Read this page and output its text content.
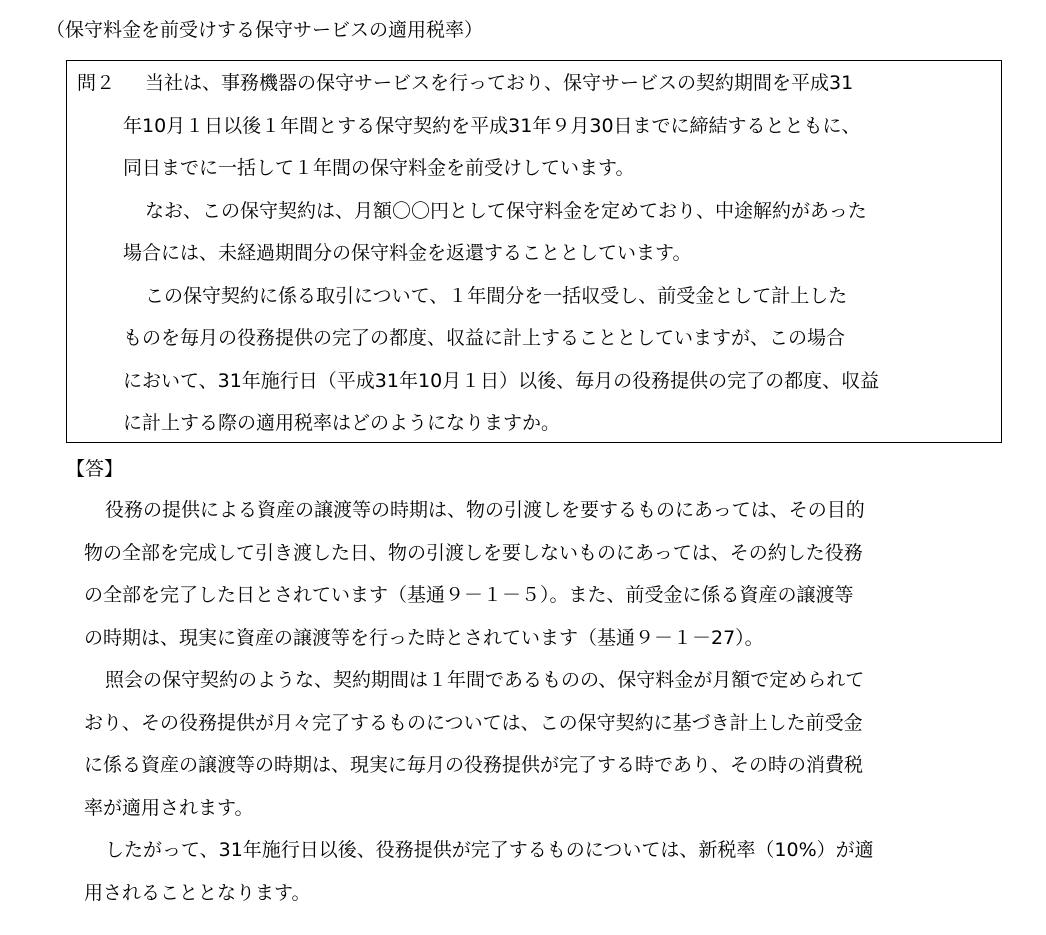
（保守料金を前受けする保守サービスの適用税率）
問２ 当社は、事務機器の保守サービスを行っており、保守サービスの契約期間を平成31
年10月１日以後１年間とする保守契約を平成31年９月30日までに締結するとともに、
同日までに一括して１年間の保守料金を前受けしています。
なお、この保守契約は、月額〇〇円として保守料金を定めており、中途解約があった
場合には、未経過期間分の保守料金を返還することとしています。
この保守契約に係る取引について、１年間分を一括収受し、前受金として計上した
ものを毎月の役務提供の完了の都度、収益に計上することとしていますが、この場合
において、31年施行日（平成31年10月１日）以後、毎月の役務提供の完了の都度、収益
に計上する際の適用税率はどのようになりますか。
【答】
役務の提供による資産の譲渡等の時期は、物の引渡しを要するものにあっては、その目的
物の全部を完成して引き渡した日、物の引渡しを要しないものにあっては、その約した役務
の全部を完了した日とされています（基通９－１－５）。また、前受金に係る資産の譲渡等
の時期は、現実に資産の譲渡等を行った時とされています（基通９－１－27）。
照会の保守契約のような、契約期間は１年間であるものの、保守料金が月額で定められて
おり、その役務提供が月々完了するものについては、この保守契約に基づき計上した前受金
に係る資産の譲渡等の時期は、現実に毎月の役務提供が完了する時であり、その時の消費税
率が適用されます。
したがって、31年施行日以後、役務提供が完了するものについては、新税率（10%）が適
用されることとなります。
